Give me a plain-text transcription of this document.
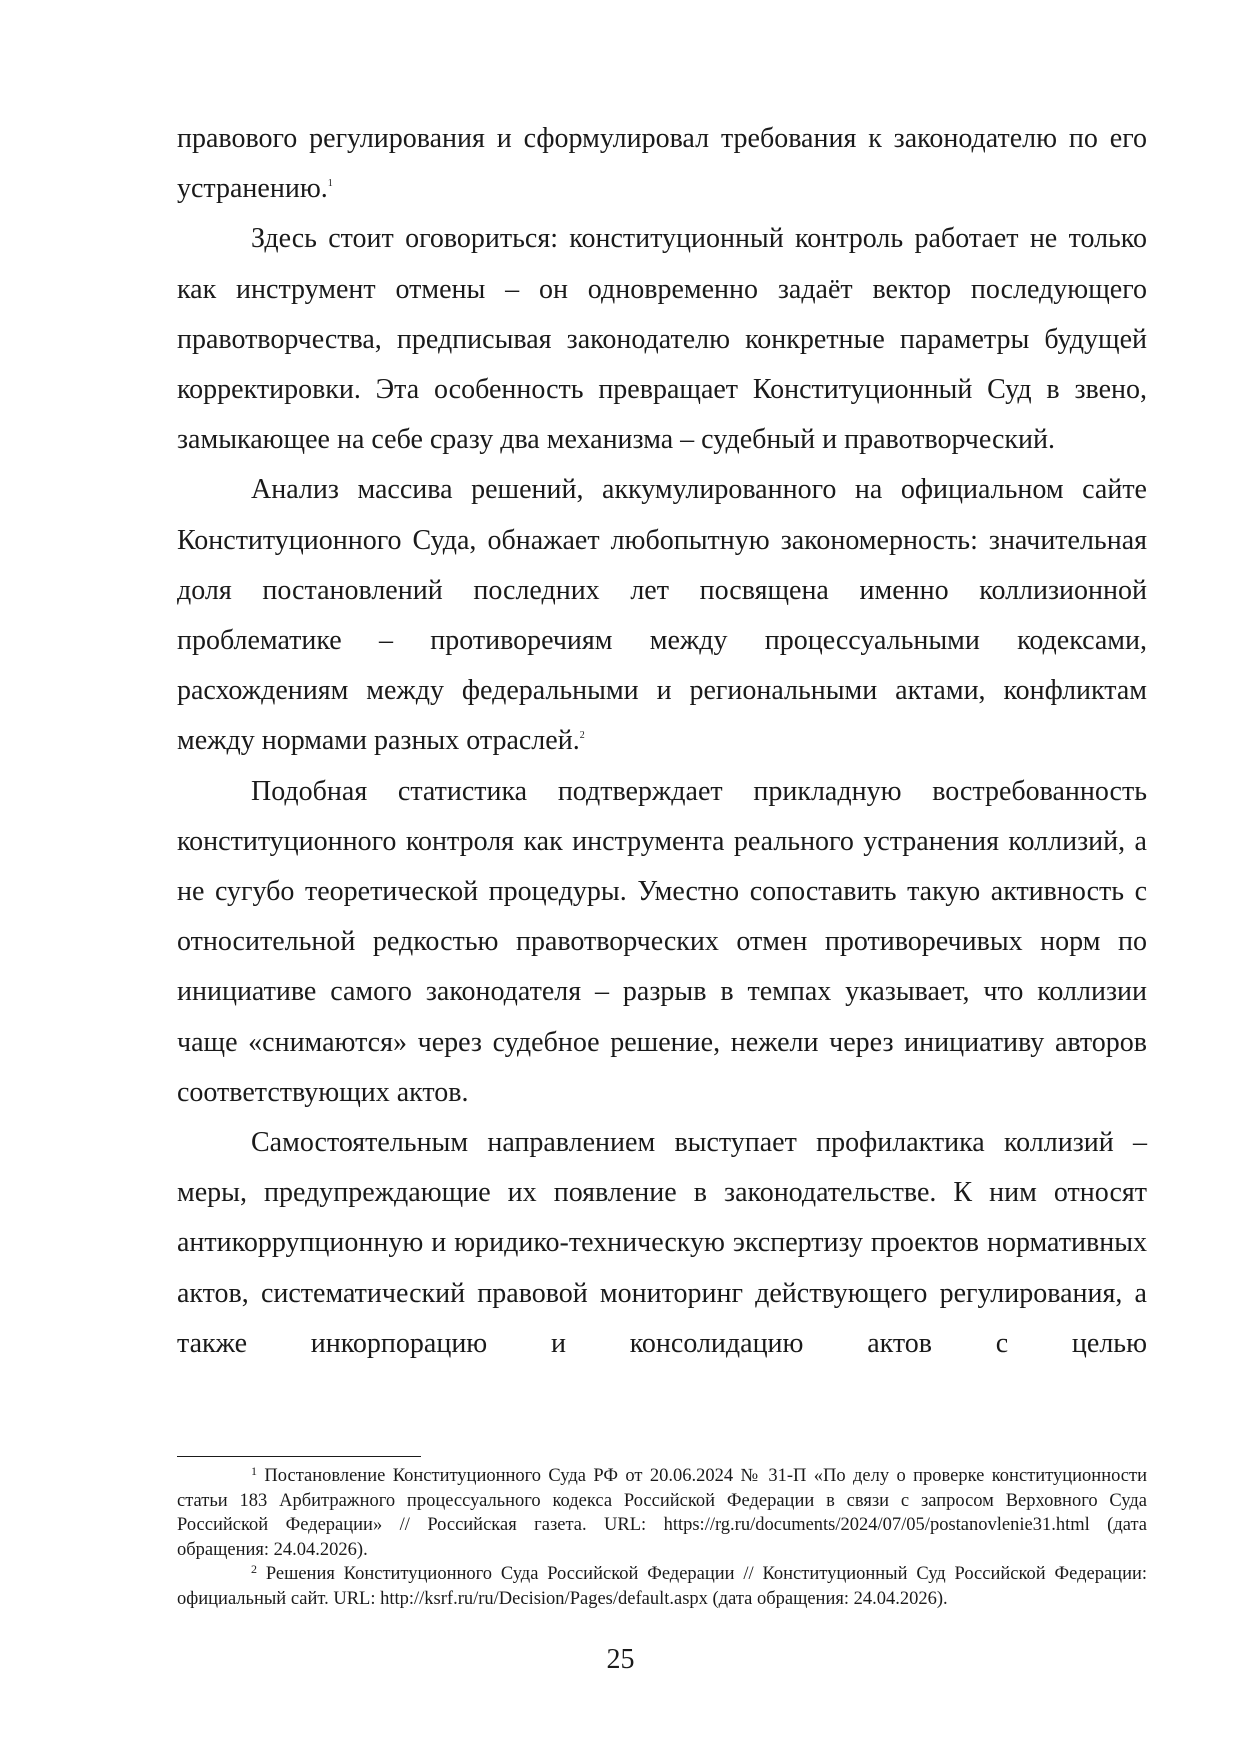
правового регулирования и сформулировал требования к законодателю по его устранению.$^1$

Здесь стоит оговориться: конституционный контроль работает не только как инструмент отмены – он одновременно задаёт вектор последующего правотворчества, предписывая законодателю конкретные параметры будущей корректировки. Эта особенность превращает Конституционный Суд в звено, замыкающее на себе сразу два механизма – судебный и правотворческий.

Анализ массива решений, аккумулированного на официальном сайте Конституционного Суда, обнажает любопытную закономерность: значительная доля постановлений последних лет посвящена именно коллизионной проблематике – противоречиям между процессуальными кодексами, расхождениям между федеральными и региональными актами, конфликтам между нормами разных отраслей.$^2$

Подобная статистика подтверждает прикладную востребованность конституционного контроля как инструмента реального устранения коллизий, а не сугубо теоретической процедуры. Уместно сопоставить такую активность с относительной редкостью правотворческих отмен противоречивых норм по инициативе самого законодателя – разрыв в темпах указывает, что коллизии чаще «снимаются» через судебное решение, нежели через инициативу авторов соответствующих актов.

Самостоятельным направлением выступает профилактика коллизий – меры, предупреждающие их появление в законодательстве. К ним относят антикоррупционную и юридико-техническую экспертизу проектов нормативных актов, систематический правовой мониторинг действующего регулирования, а также инкорпорацию и консолидацию актов с целью

$^1$ Постановление Конституционного Суда РФ от 20.06.2024 № 31-П «По делу о проверке конституционности статьи 183 Арбитражного процессуального кодекса Российской Федерации в связи с запросом Верховного Суда Российской Федерации» // Российская газета. URL: https://rg.ru/documents/2024/07/05/postanovlenie31.html (дата обращения: 24.04.2026).

$^2$ Решения Конституционного Суда Российской Федерации // Конституционный Суд Российской Федерации: официальный сайт. URL: http://ksrf.ru/ru/Decision/Pages/default.aspx (дата обращения: 24.04.2026).

25
